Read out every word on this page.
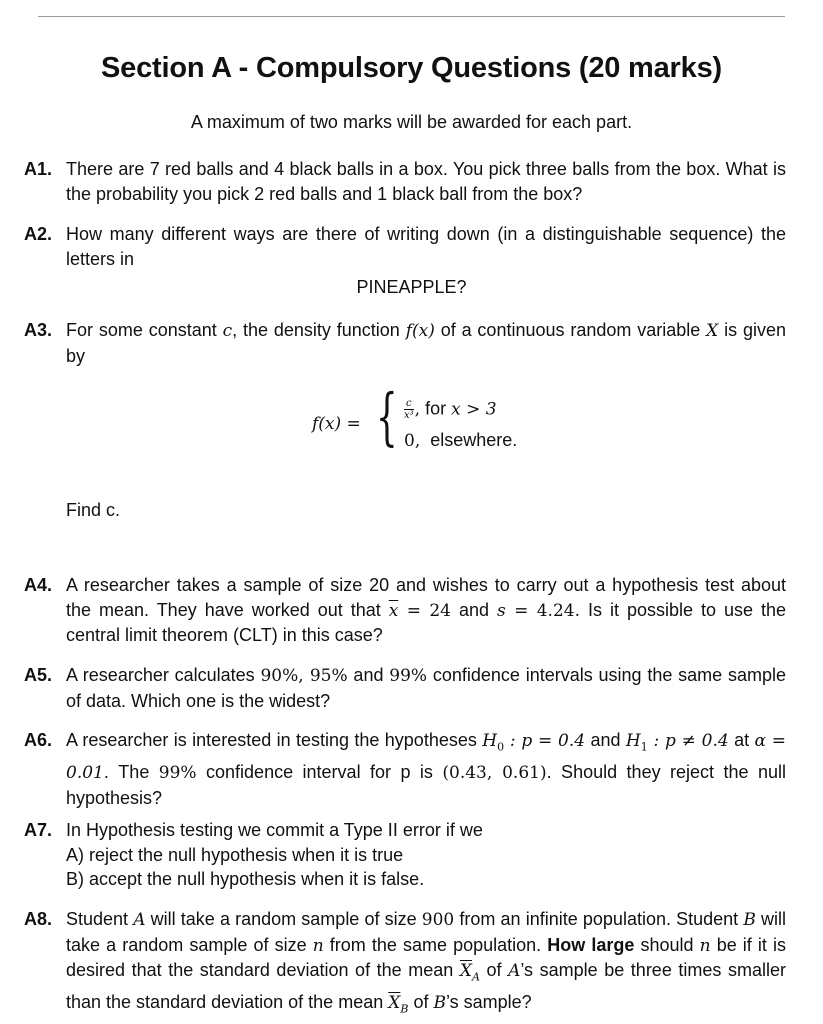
Section A - Compulsory Questions (20 marks)
A maximum of two marks will be awarded for each part.
A1. There are 7 red balls and 4 black balls in a box. You pick three balls from the box. What is the probability you pick 2 red balls and 1 black ball from the box?
A2. How many different ways are there of writing down (in a distinguishable sequence) the letters in
PINEAPPLE?
A3. For some constant c, the density function f(x) of a continuous random variable X is given by
f(x) = { $\frac{c}{\text{x³}}$ , for x > 3
0, elsewhere.
Find c.
A4. A researcher takes a sample of size 20 and wishes to carry out a hypothesis test about the mean. They have worked out that $\overline{x} = 24$ and s = 4.24. Is it possible to use the central limit theorem (CLT) in this case?
A5. A researcher calculates 90%, 95% and 99% confidence intervals using the same sample of data. Which one is the widest?
A6. A researcher is interested in testing the hypotheses $H_0$ : p = 0.4 and $H_1$ : p ≠ 0.4 at α = 0.01. The 99% confidence interval for p is (0.43, 0.61). Should they reject the null hypothesis?
A7. In Hypothesis testing we commit a Type II error if we
A) reject the null hypothesis when it is true
B) accept the null hypothesis when it is false.
A8. Student A will take a random sample of size 900 from an infinite population. Student B will take a random sample of size n from the same population. How large should n be if it is desired that the standard deviation of the mean $\overline{X}_A$ of A’s sample be three times smaller than the standard deviation of the mean $\overline{X}_B$ of B’s sample?
